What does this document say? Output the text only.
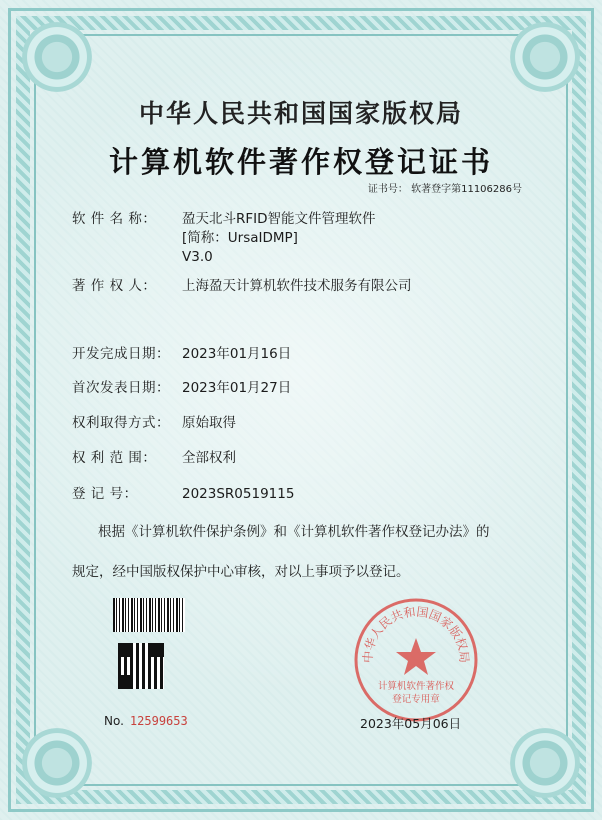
中华人民共和国国家版权局
计算机软件著作权登记证书
证书号： 软著登字第11106286号
软 件 名 称：	盈天北斗RFID智能文件管理软件
[简称：UrsaIDMP]
V3.0
著 作 权 人：	上海盈天计算机软件技术服务有限公司
开发完成日期： 2023年01月16日
首次发表日期： 2023年01月27日
权利取得方式： 原始取得
权 利 范 围：	全部权利
登 记 号：	2023SR0519115
根据《计算机软件保护条例》和《计算机软件著作权登记办法》的
规定，经中国版权保护中心审核，对以上事项予以登记。
No. 12599653
中华人民共和国国家版权局
计算机软件著作权
登记专用章
2023年05月06日
